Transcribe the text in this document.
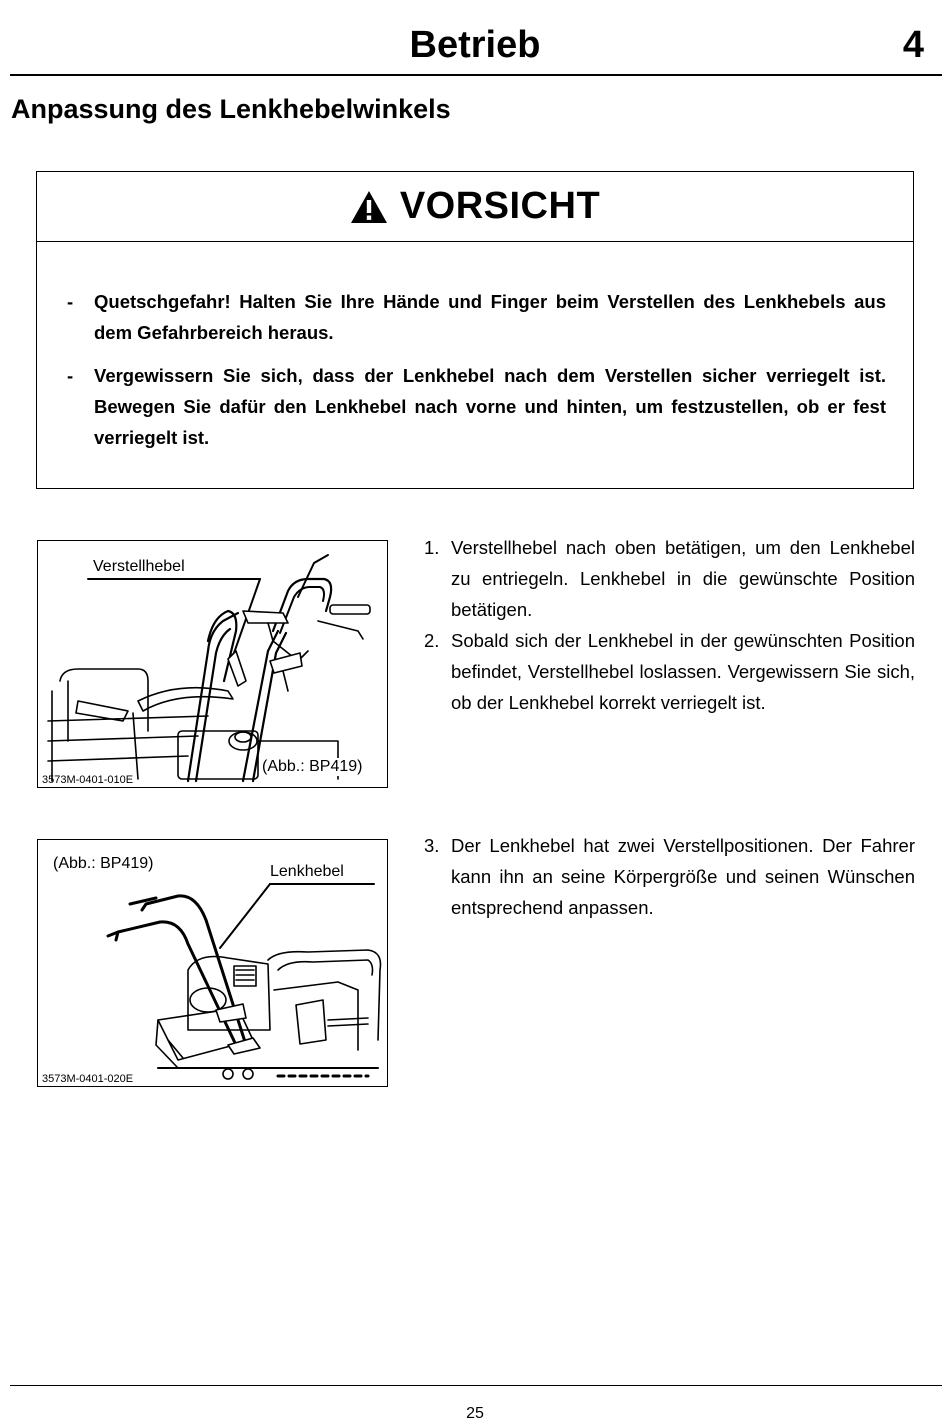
Betrieb	4
Anpassung des Lenkhebelwinkels
VORSICHT
- Quetschgefahr! Halten Sie Ihre Hände und Finger beim Verstellen des Lenkhebels aus dem Gefahrbereich heraus.
- Vergewissern Sie sich, dass der Lenkhebel nach dem Verstellen sicher verriegelt ist. Bewegen Sie dafür den Lenkhebel nach vorne und hinten, um festzustellen, ob er fest verriegelt ist.
Verstellhebel
(Abb.: BP419)
3573M-0401-010E
1. Verstellhebel nach oben betätigen, um den Lenkhebel zu entriegeln. Lenkhebel in die gewünschte Position betätigen.
2. Sobald sich der Lenkhebel in der gewünschten Position befindet, Verstellhebel loslassen. Vergewissern Sie sich, ob der Lenkhebel korrekt verriegelt ist.
(Abb.: BP419)	Lenkhebel
3573M-0401-020E
3. Der Lenkhebel hat zwei Verstellpositionen. Der Fahrer kann ihn an seine Körpergröße und seinen Wünschen entsprechend anpassen.
25
